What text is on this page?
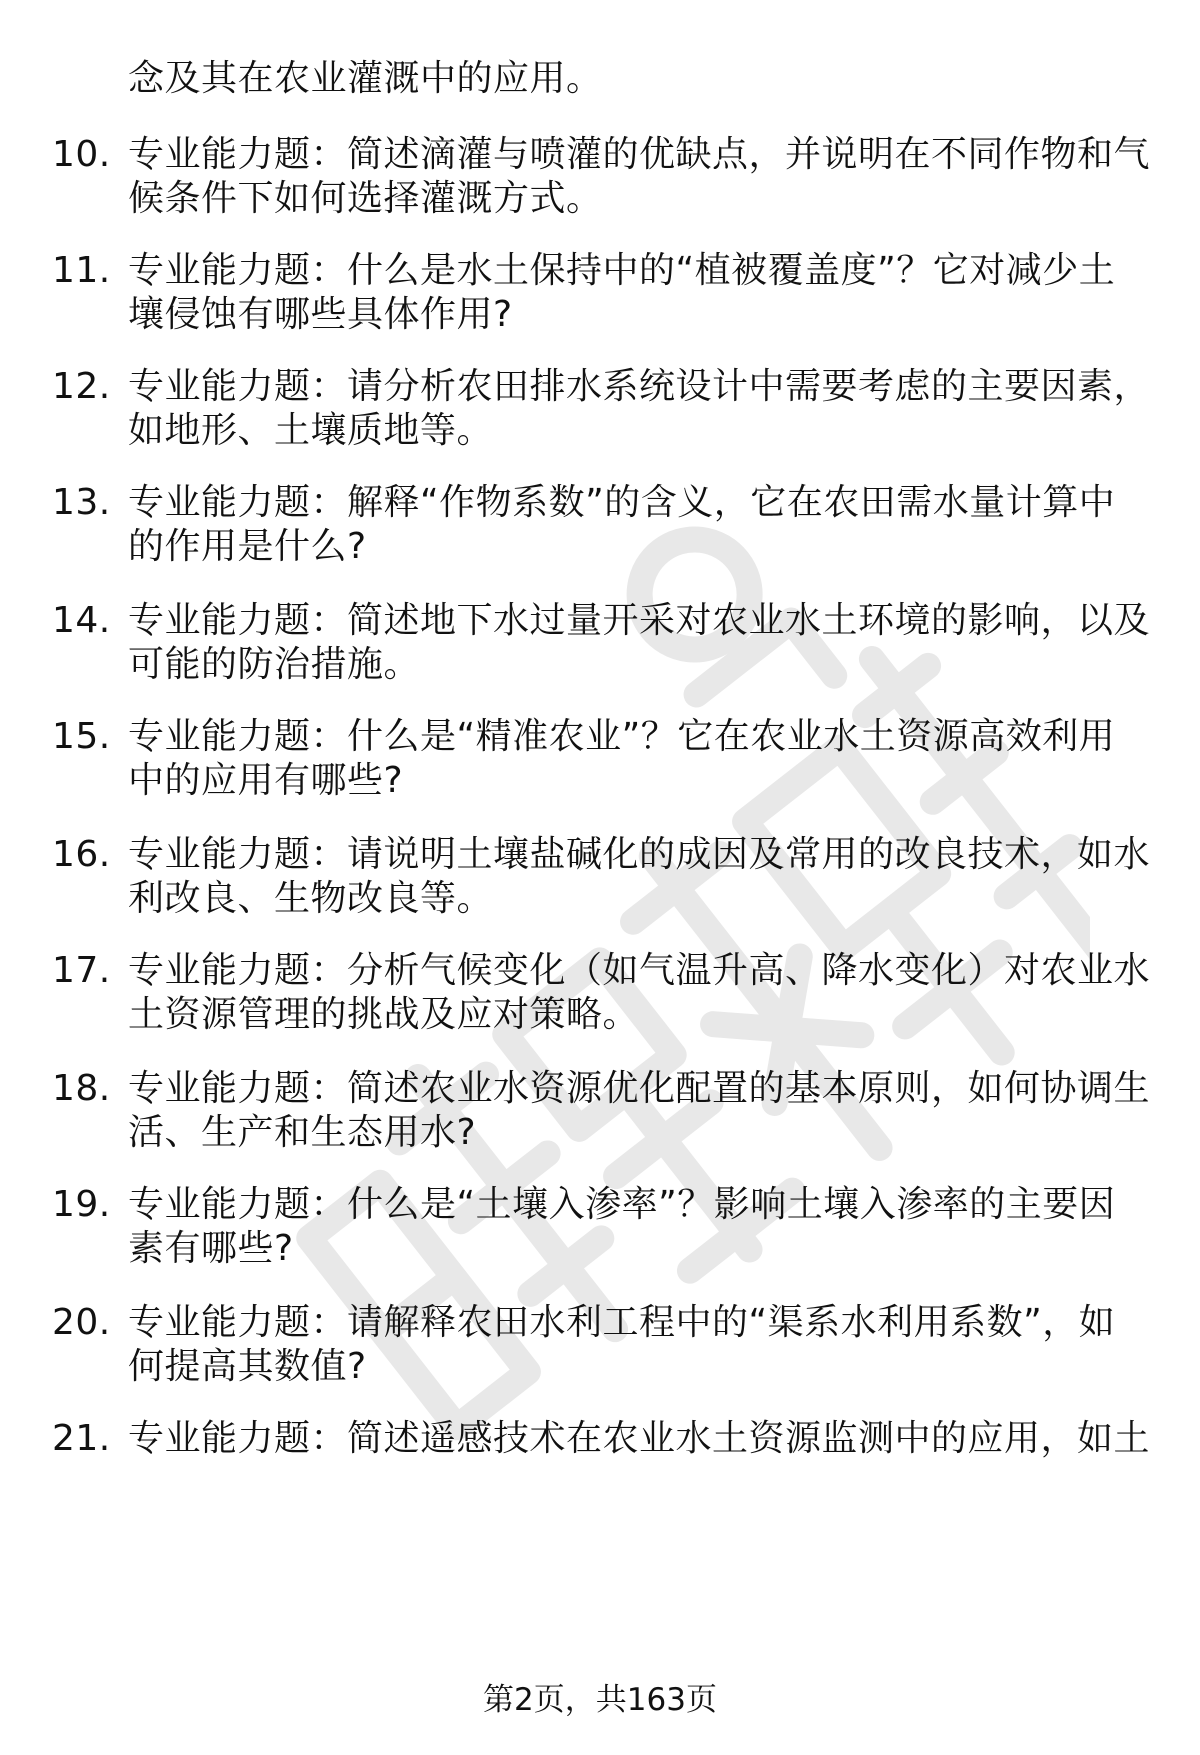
念及其在农业灌溉中的应用。
10. 专业能力题：简述滴灌与喷灌的优缺点，并说明在不同作物和气
候条件下如何选择灌溉方式。
11. 专业能力题：什么是水土保持中的“植被覆盖度”？它对减少土
壤侵蚀有哪些具体作用?
12. 专业能力题：请分析农田排水系统设计中需要考虑的主要因素，
如地形、土壤质地等。
13. 专业能力题：解释“作物系数”的含义，它在农田需水量计算中
的作用是什么?
14. 专业能力题：简述地下水过量开采对农业水土环境的影响，以及
可能的防治措施。
15. 专业能力题：什么是“精准农业”？它在农业水土资源高效利用
中的应用有哪些?
16. 专业能力题：请说明土壤盐碱化的成因及常用的改良技术，如水
利改良、生物改良等。
17. 专业能力题：分析气候变化（如气温升高、降水变化）对农业水
土资源管理的挑战及应对策略。
18. 专业能力题：简述农业水资源优化配置的基本原则，如何协调生
活、生产和生态用水?
19. 专业能力题：什么是“土壤入渗率”？影响土壤入渗率的主要因
素有哪些?
20. 专业能力题：请解释农田水利工程中的“渠系水利用系数”，如
何提高其数值?
21. 专业能力题：简述遥感技术在农业水土资源监测中的应用，如土
第2页，共163页
